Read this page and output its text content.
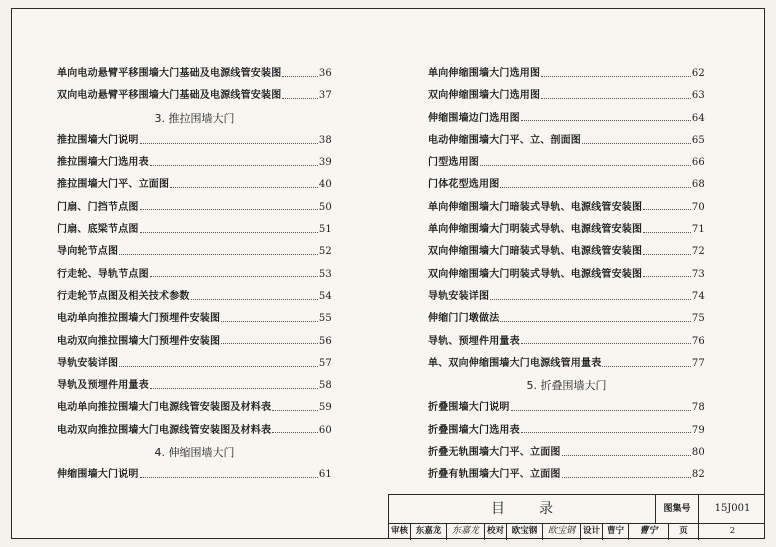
单向电动悬臂平移围墙大门基础及电源线管安装图	36
双向电动悬臂平移围墙大门基础及电源线管安装图	37
3. 推拉围墙大门
推拉围墙大门说明	38
推拉围墙大门选用表	39
推拉围墙大门平、立面图	40
门扇、门挡节点图	50
门扇、底梁节点图	51
导向轮节点图	52
行走轮、导轨节点图	53
行走轮节点图及相关技术参数	54
电动单向推拉围墙大门预埋件安装图	55
电动双向推拉围墙大门预埋件安装图	56
导轨安装详图	57
导轨及预埋件用量表	58
电动单向推拉围墙大门电源线管安装图及材料表	59
电动双向推拉围墙大门电源线管安装图及材料表	60
4. 伸缩围墙大门
伸缩围墙大门说明	61
单向伸缩围墙大门选用图	62
双向伸缩围墙大门选用图	63
伸缩围墙边门选用图	64
电动伸缩围墙大门平、立、剖面图	65
门型选用图	66
门体花型选用图	68
单向伸缩围墙大门暗装式导轨、电源线管安装图	70
单向伸缩围墙大门明装式导轨、电源线管安装图	71
双向伸缩围墙大门暗装式导轨、电源线管安装图	72
双向伸缩围墙大门明装式导轨、电源线管安装图	73
导轨安装详图	74
伸缩门门墩做法	75
导轨、预埋件用量表	76
单、双向伸缩围墙大门电源线管用量表	77
5. 折叠围墙大门
折叠围墙大门说明	78
折叠围墙大门选用表	79
折叠无轨围墙大门平、立面图	80
折叠有轨围墙大门平、立面图	82
目录	图集号	15J001
审核 东嘉龙	东嘉龙 校对 欧宝钢	欧宝钢 设计 曹宁	曹宁	页	2
